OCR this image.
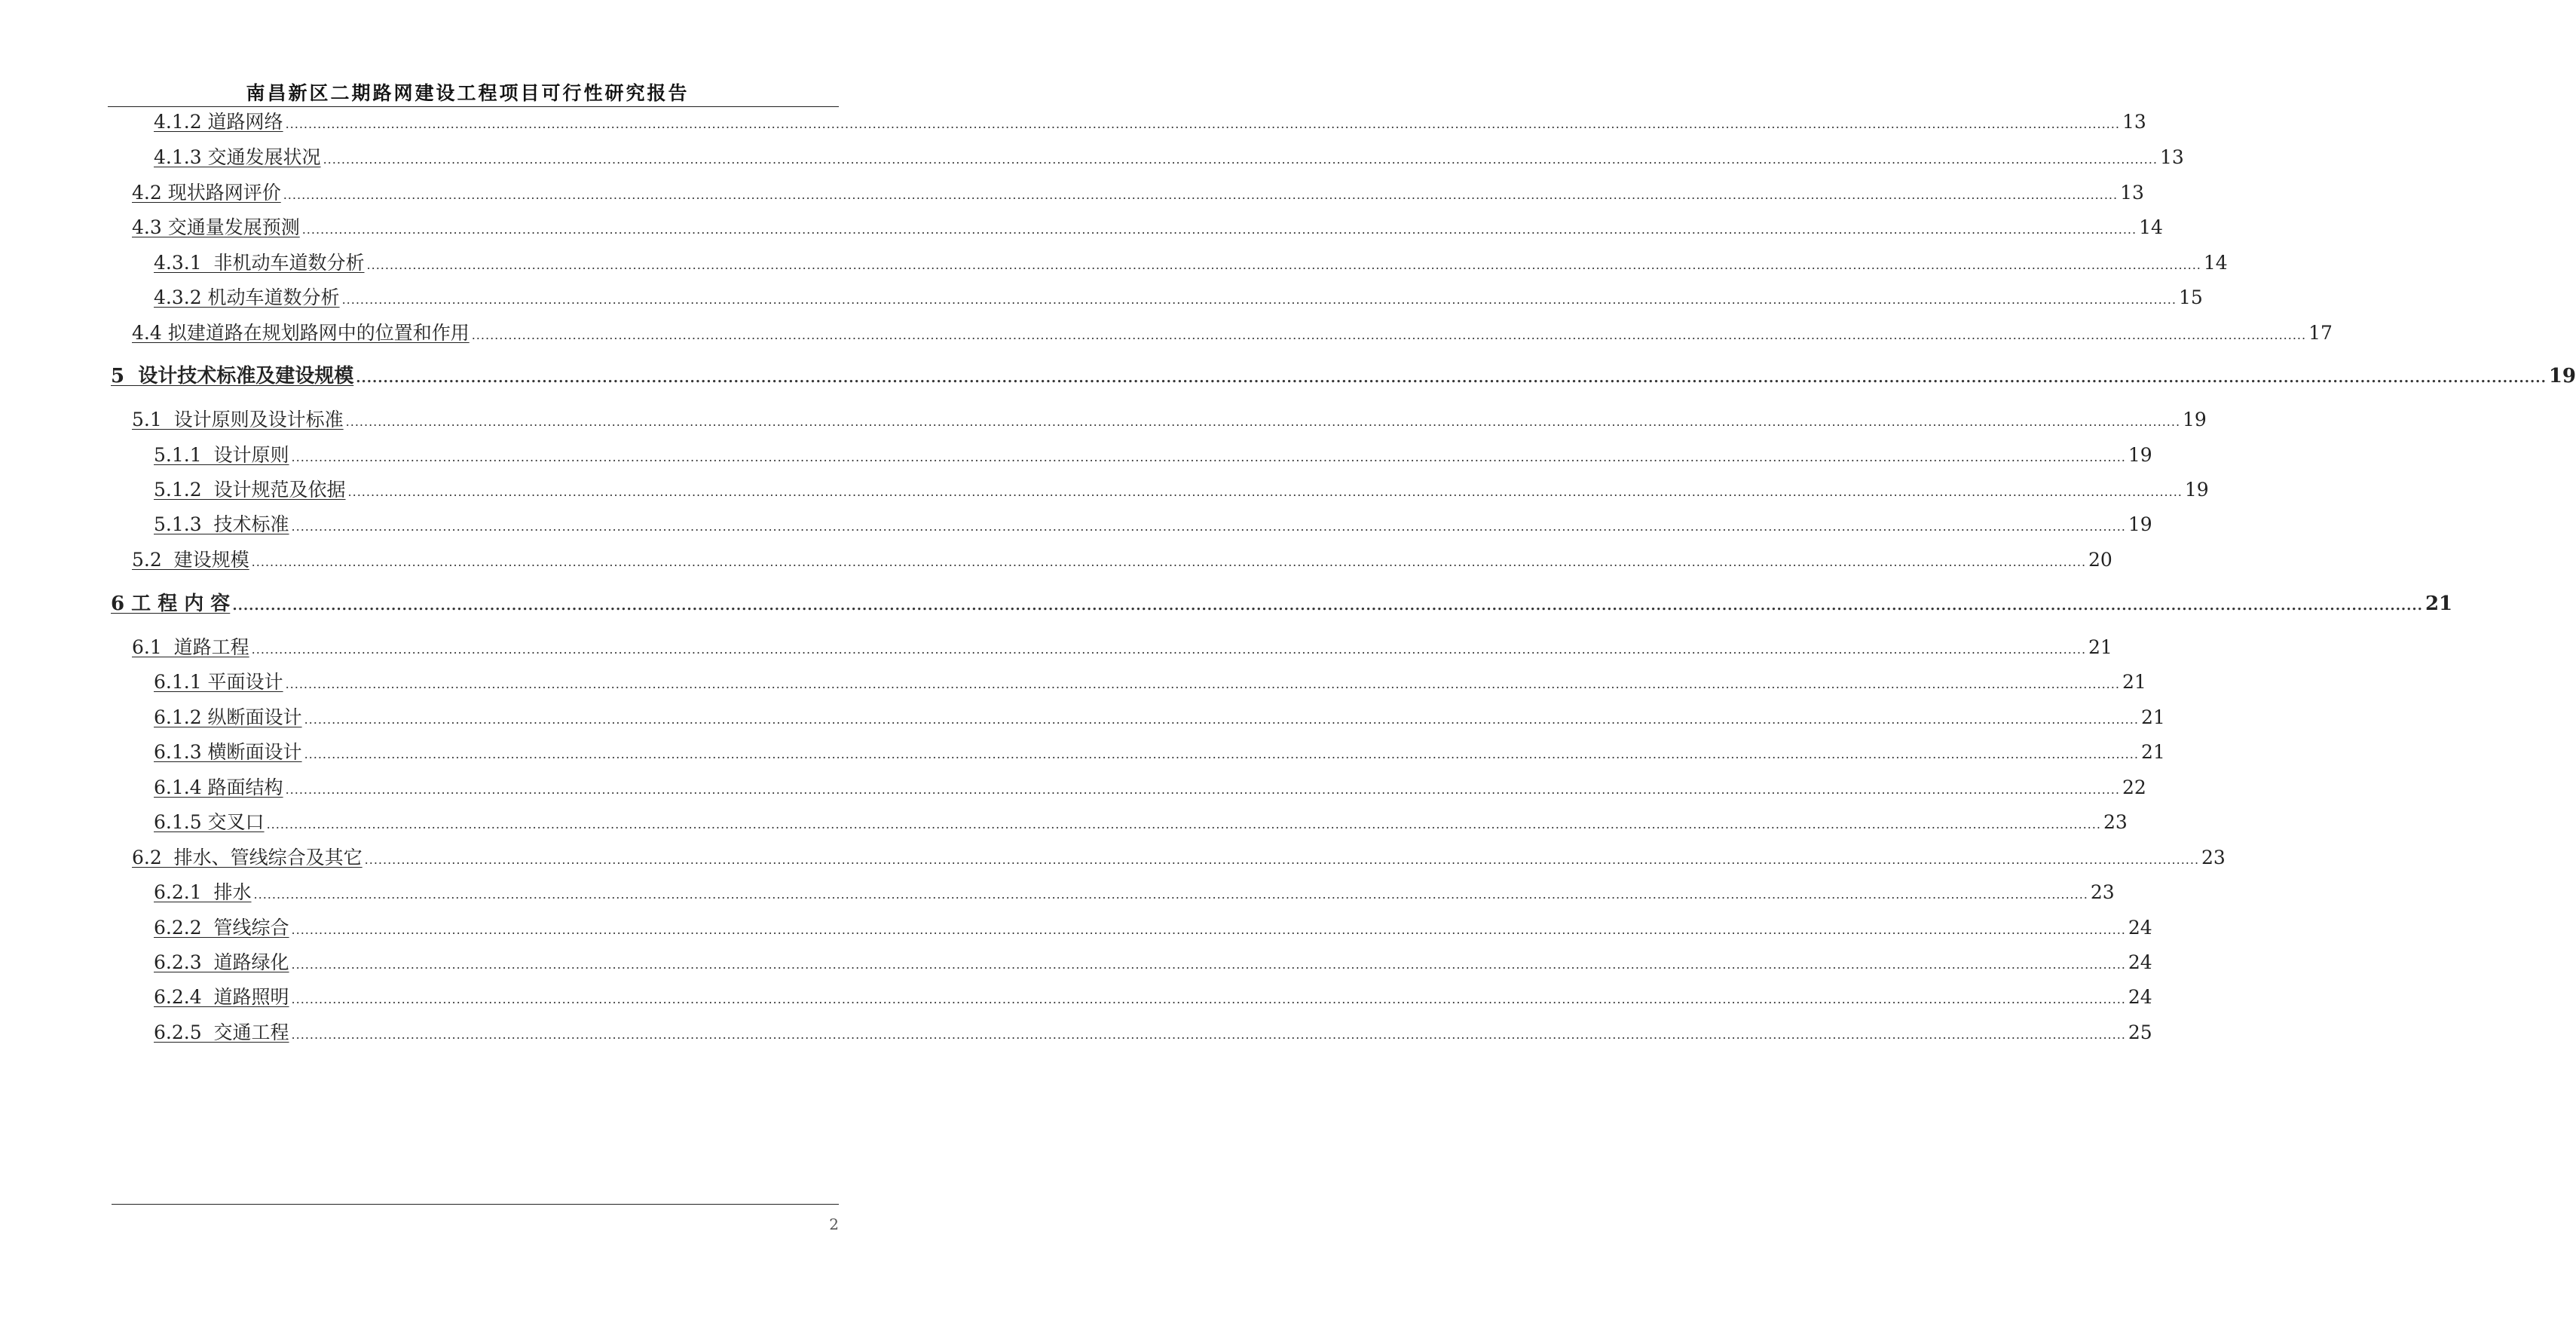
南昌新区二期路网建设工程项目可行性研究报告
4.1.2 道路网络 ................................................................................................................................................................................................................................................................................................................................................................................................................ 13
4.1.3 交通发展状况 ................................................................................................................................................................................................................................................................................................................................................................................................................ 13
4.2 现状路网评价 ................................................................................................................................................................................................................................................................................................................................................................................................................ 13
4.3 交通量发展预测 ................................................................................................................................................................................................................................................................................................................................................................................................................ 14
4.3.1  非机动车道数分析 ................................................................................................................................................................................................................................................................................................................................................................................................................ 14
4.3.2 机动车道数分析 ................................................................................................................................................................................................................................................................................................................................................................................................................ 15
4.4 拟建道路在规划路网中的位置和作用 ................................................................................................................................................................................................................................................................................................................................................................................................................ 17
5  设计技术标准及建设规模 ................................................................................................................................................................................................................................................................................................................................................................................................................ 19
5.1  设计原则及设计标准 ................................................................................................................................................................................................................................................................................................................................................................................................................ 19
5.1.1  设计原则 ................................................................................................................................................................................................................................................................................................................................................................................................................ 19
5.1.2  设计规范及依据 ................................................................................................................................................................................................................................................................................................................................................................................................................ 19
5.1.3  技术标准 ................................................................................................................................................................................................................................................................................................................................................................................................................ 19
5.2  建设规模 ................................................................................................................................................................................................................................................................................................................................................................................................................ 20
6 工 程 内 容 ................................................................................................................................................................................................................................................................................................................................................................................................................ 21
6.1  道路工程 ................................................................................................................................................................................................................................................................................................................................................................................................................ 21
6.1.1 平面设计 ................................................................................................................................................................................................................................................................................................................................................................................................................ 21
6.1.2 纵断面设计 ................................................................................................................................................................................................................................................................................................................................................................................................................ 21
6.1.3 横断面设计 ................................................................................................................................................................................................................................................................................................................................................................................................................ 21
6.1.4 路面结构 ................................................................................................................................................................................................................................................................................................................................................................................................................ 22
6.1.5 交叉口 ................................................................................................................................................................................................................................................................................................................................................................................................................ 23
6.2  排水、管线综合及其它 ................................................................................................................................................................................................................................................................................................................................................................................................................ 23
6.2.1  排水 ................................................................................................................................................................................................................................................................................................................................................................................................................ 23
6.2.2  管线综合 ................................................................................................................................................................................................................................................................................................................................................................................................................ 24
6.2.3  道路绿化 ................................................................................................................................................................................................................................................................................................................................................................................................................ 24
6.2.4  道路照明 ................................................................................................................................................................................................................................................................................................................................................................................................................ 24
6.2.5  交通工程 ................................................................................................................................................................................................................................................................................................................................................................................................................ 25
2
